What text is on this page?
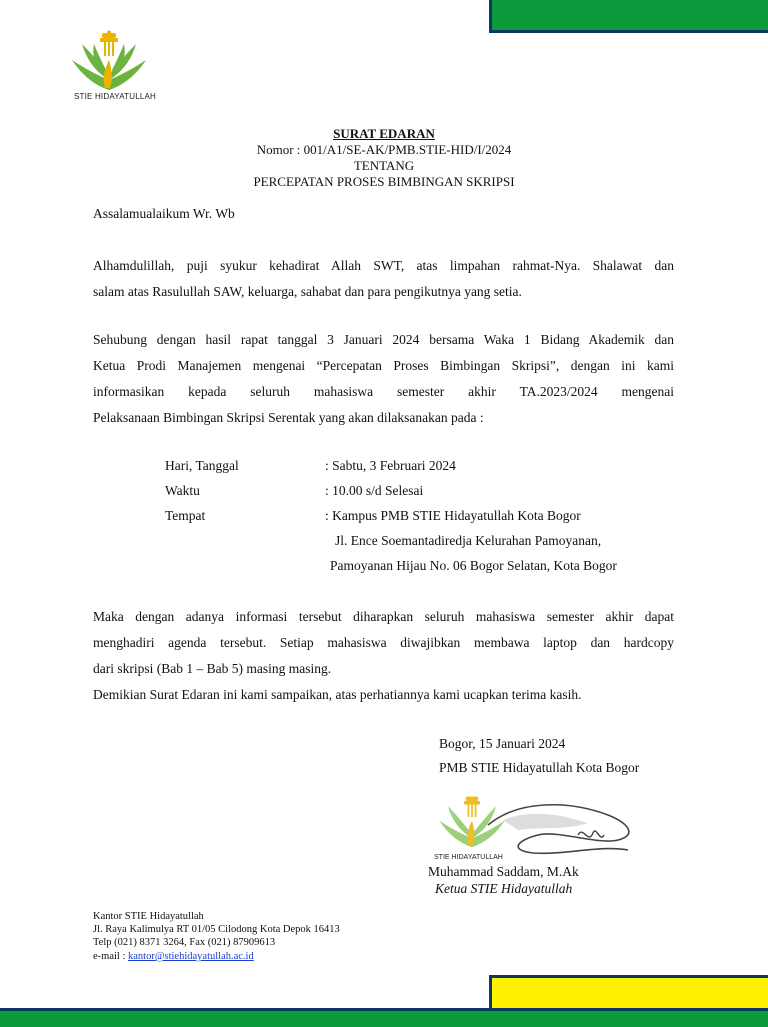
STIE HIDAYATULLAH
SURAT EDARAN
Nomor : 001/A1/SE-AK/PMB.STIE-HID/I/2024
TENTANG
PERCEPATAN PROSES BIMBINGAN SKRIPSI
Assalamualaikum Wr. Wb
Alhamdulillah, puji syukur kehadirat Allah SWT, atas limpahan rahmat-Nya. Shalawat dan
salam atas Rasulullah SAW, keluarga, sahabat dan para pengikutnya yang setia.
Sehubung dengan hasil rapat tanggal 3 Januari 2024 bersama Waka 1 Bidang Akademik dan
Ketua Prodi Manajemen mengenai “Percepatan Proses Bimbingan Skripsi”, dengan ini kami
informasikan kepada seluruh mahasiswa semester akhir TA.2023/2024 mengenai
Pelaksanaan Bimbingan Skripsi Serentak yang akan dilaksanakan pada :
Hari, Tanggal	: Sabtu, 3 Februari 2024
Waktu	: 10.00 s/d Selesai
Tempat	: Kampus PMB STIE Hidayatullah Kota Bogor
Jl. Ence Soemantadiredja Kelurahan Pamoyanan,
Pamoyanan Hijau No. 06 Bogor Selatan, Kota Bogor
Maka dengan adanya informasi tersebut diharapkan seluruh mahasiswa semester akhir dapat
menghadiri agenda tersebut. Setiap mahasiswa diwajibkan membawa laptop dan hardcopy
dari skripsi (Bab 1 – Bab 5) masing masing.
Demikian Surat Edaran ini kami sampaikan, atas perhatiannya kami ucapkan terima kasih.
Bogor, 15 Januari 2024
PMB STIE Hidayatullah Kota Bogor
STIE HIDAYATULLAH
Muhammad Saddam, M.Ak
Ketua STIE Hidayatullah
Kantor STIE Hidayatullah
Jl. Raya Kalimulya RT 01/05 Cilodong Kota Depok 16413
Telp (021) 8371 3264, Fax (021) 87909613
e-mail : kantor@stiehidayatullah.ac.id
